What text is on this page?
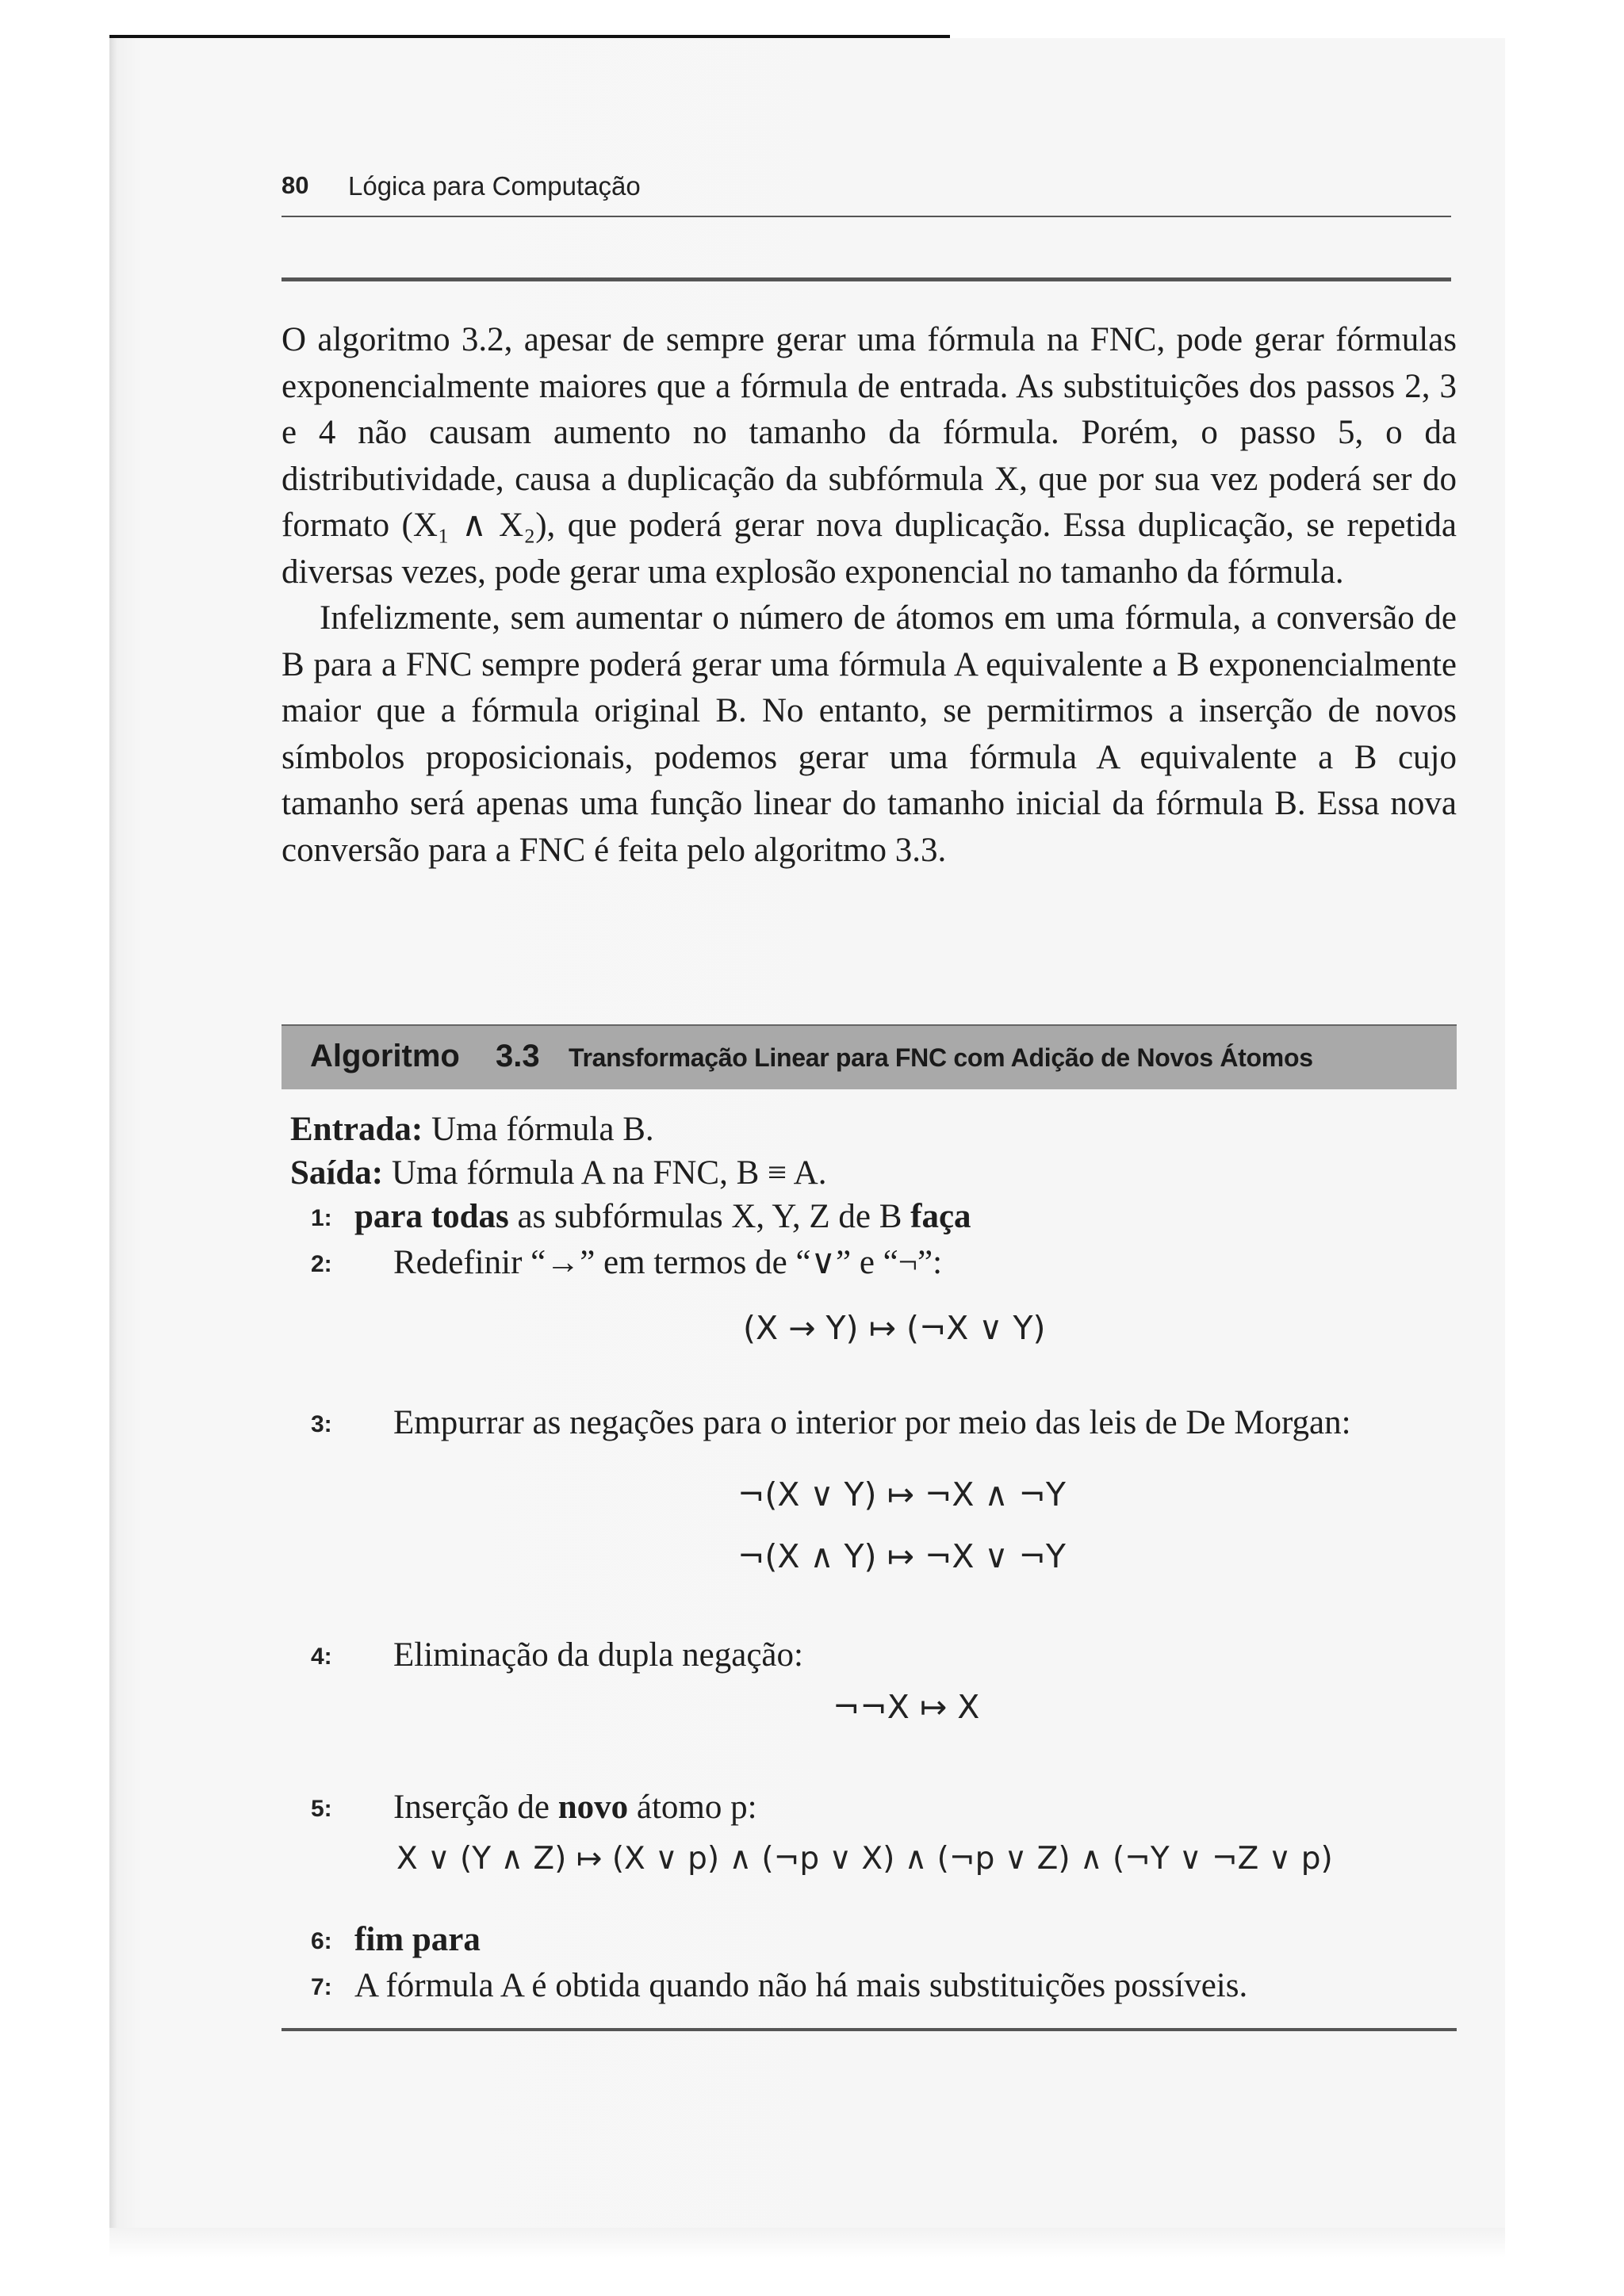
80 Lógica para Computação

O algoritmo 3.2, apesar de sempre gerar uma fórmula na FNC, pode gerar fórmulas exponencialmente maiores que a fórmula de entrada. As substituições dos passos 2, 3 e 4 não causam aumento no tamanho da fórmula. Porém, o passo 5, o da distributividade, causa a duplicação da subfórmula X, que por sua vez poderá ser do formato (X₁ ∧ X₂), que poderá gerar nova duplicação. Essa duplicação, se repetida diversas vezes, pode gerar uma explosão exponencial no tamanho da fórmula.

Infelizmente, sem aumentar o número de átomos em uma fórmula, a conversão de B para a FNC sempre poderá gerar uma fórmula A equivalente a B exponencialmente maior que a fórmula original B. No entanto, se permitirmos a inserção de novos símbolos proposicionais, podemos gerar uma fórmula A equivalente a B cujo tamanho será apenas uma função linear do tamanho inicial da fórmula B. Essa nova conversão para a FNC é feita pelo algoritmo 3.3.

Algoritmo 3.3 Transformação Linear para FNC com Adição de Novos Átomos
Entrada: Uma fórmula B.
Saída: Uma fórmula A na FNC, B ≡ A.
1: para todas as subfórmulas X, Y, Z de B faça
2: Redefinir “→” em termos de “∨” e “¬”:
(X → Y) ↦ (¬X ∨ Y)
3: Empurrar as negações para o interior por meio das leis de De Morgan:
¬(X ∨ Y) ↦ ¬X ∧ ¬Y
¬(X ∧ Y) ↦ ¬X ∨ ¬Y
4: Eliminação da dupla negação:
¬¬X ↦ X
5: Inserção de novo átomo p:
X ∨ (Y ∧ Z) ↦ (X ∨ p) ∧ (¬p ∨ X) ∧ (¬p ∨ Z) ∧ (¬Y ∨ ¬Z ∨ p)
6: fim para
7: A fórmula A é obtida quando não há mais substituições possíveis.
